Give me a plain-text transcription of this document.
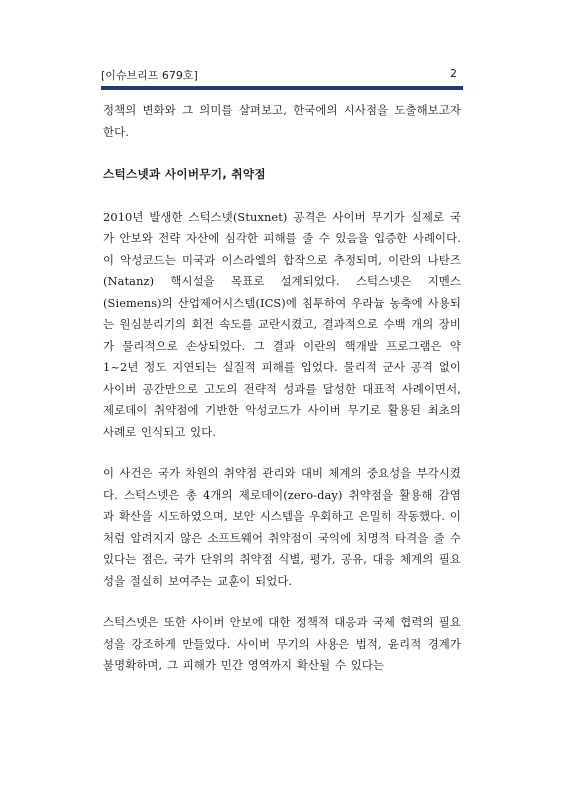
[이슈브리프 679호]	2

정책의 변화와 그 의미를 살펴보고, 한국에의 시사점을 도출해보고자 한다.

스턱스넷과 사이버무기, 취약점

2010년 발생한 스턱스넷(Stuxnet) 공격은 사이버 무기가 실제로 국가 안보와 전략 자산에 심각한 피해를 줄 수 있음을 입증한 사례이다. 이 악성코드는 미국과 이스라엘의 합작으로 추정되며, 이란의 나탄즈(Natanz) 핵시설을 목표로 설계되었다. 스턱스넷은 지멘스(Siemens)의 산업제어시스템(ICS)에 침투하여 우라늄 농축에 사용되는 원심분리기의 회전 속도를 교란시켰고, 결과적으로 수백 개의 장비가 물리적으로 손상되었다. 그 결과 이란의 핵개발 프로그램은 약 1~2년 정도 지연되는 실질적 피해를 입었다. 물리적 군사 공격 없이 사이버 공간만으로 고도의 전략적 성과를 달성한 대표적 사례이면서, 제로데이 취약점에 기반한 악성코드가 사이버 무기로 활용된 최초의 사례로 인식되고 있다.

이 사건은 국가 차원의 취약점 관리와 대비 체계의 중요성을 부각시켰다. 스턱스넷은 총 4개의 제로데이(zero-day) 취약점을 활용해 감염과 확산을 시도하였으며, 보안 시스템을 우회하고 은밀히 작동했다. 이처럼 알려지지 않은 소프트웨어 취약점이 국익에 치명적 타격을 줄 수 있다는 점은, 국가 단위의 취약점 식별, 평가, 공유, 대응 체계의 필요성을 절실히 보여주는 교훈이 되었다.

스턱스넷은 또한 사이버 안보에 대한 정책적 대응과 국제 협력의 필요성을 강조하게 만들었다. 사이버 무기의 사용은 법적, 윤리적 경계가 불명확하며, 그 피해가 민간 영역까지 확산될 수 있다는
